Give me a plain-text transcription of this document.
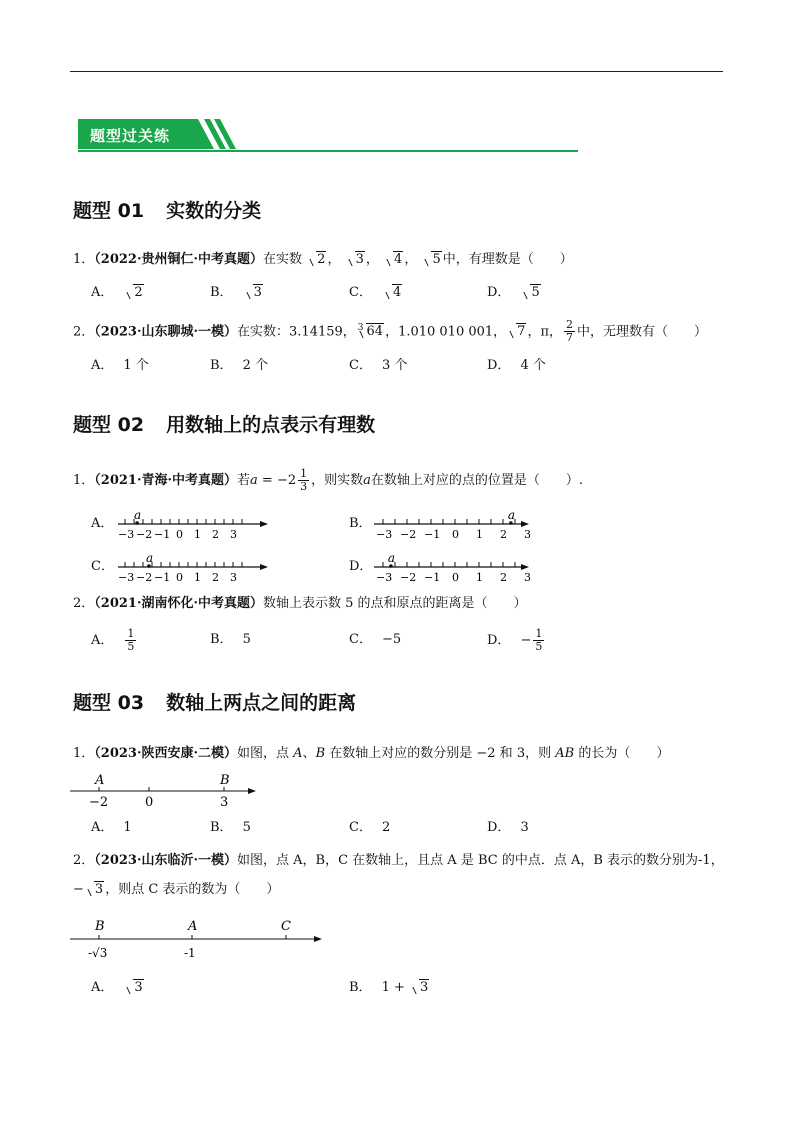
题型过关练
题型 01 实数的分类
1．（2022·贵州铜仁·中考真题）在实数 2 ， 3 ， 4 ， 5 中，有理数是（　　）
A． 2	B． 3	C． 4	D． 5
2．（2023·山东聊城·一模）在实数：3.14159， $^3$ 64 ，1.010 010 001， 7 ，π， $\frac{2}{7}$ 中，无理数有（　　）
A． 1 个	B． 2 个	C． 3 个	D． 4 个
题型 02 用数轴上的点表示有理数
1．（2021·青海·中考真题）若$a = -2 \frac{1}{3}$ ，则实数a在数轴上对应的点的位置是（　　）.
A．	B．
C．	D．
−3 −2 −1 0 1 2 3
a
−3 −2 −1 0 1 2 3
a
−3 −2 −1 0 1 2 3
a
−3 −2 −1 0 1 2 3
a
2．（2021·湖南怀化·中考真题）数轴上表示数 5 的点和原点的距离是（　　）
A． $\frac{1}{5}$	B． 5	C． −5	D． − $\frac{1}{5}$
题型 03 数轴上两点之间的距离
1．（2023·陕西安康·二模）如图，点 A、B 在数轴上对应的数分别是 −2 和 3，则 AB 的长为（　　）
A	B
−2	0	3
A． 1	B． 5	C． 2	D． 3
2．（2023·山东临沂·一模）如图，点 A，B，C 在数轴上，且点 A 是 BC 的中点．点 A，B 表示的数分别为-1，
− 3 ，则点 C 表示的数为（　　）
B	A	C
-√3	-1
A． 3	B． 1 + 3
